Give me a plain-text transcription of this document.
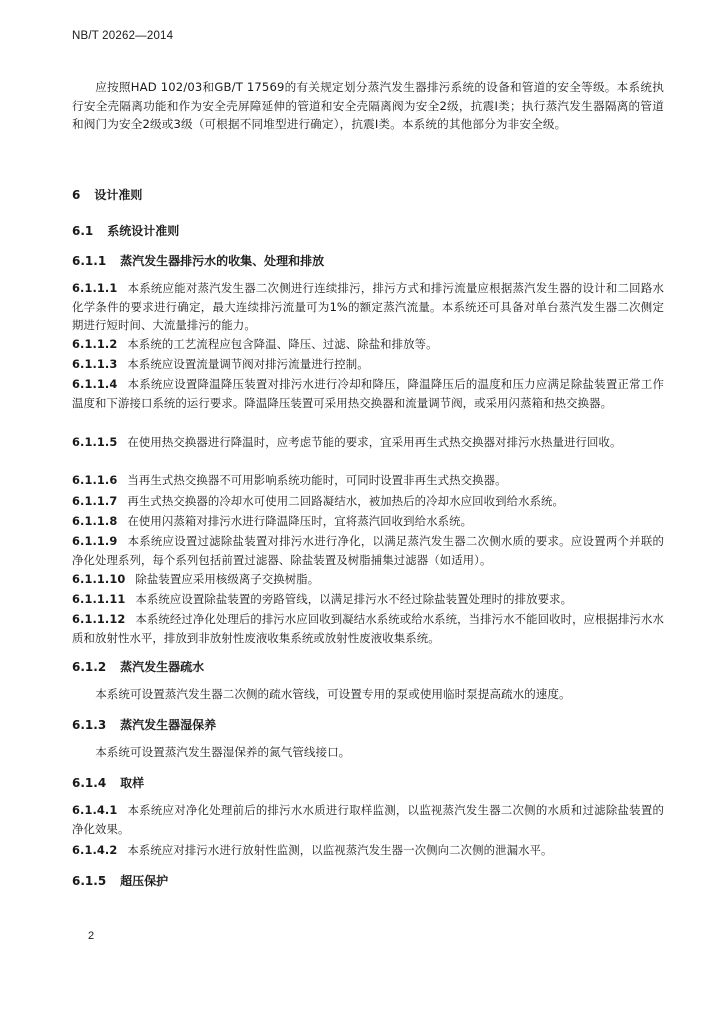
NB/T 20262—2014

应按照HAD 102/03和GB/T 17569的有关规定划分蒸汽发生器排污系统的设备和管道的安全等级。本系统执行安全壳隔离功能和作为安全壳屏障延伸的管道和安全壳隔离阀为安全2级，抗震I类；执行蒸汽发生器隔离的管道和阀门为安全2级或3级（可根据不同堆型进行确定），抗震I类。本系统的其他部分为非安全级。

6 设计准则
6.1 系统设计准则
6.1.1 蒸汽发生器排污水的收集、处理和排放

6.1.1.1 本系统应能对蒸汽发生器二次侧进行连续排污，排污方式和排污流量应根据蒸汽发生器的设计和二回路水化学条件的要求进行确定，最大连续排污流量可为1%的额定蒸汽流量。本系统还可具备对单台蒸汽发生器二次侧定期进行短时间、大流量排污的能力。

6.1.1.2 本系统的工艺流程应包含降温、降压、过滤、除盐和排放等。

6.1.1.3 本系统应设置流量调节阀对排污流量进行控制。

6.1.1.4 本系统应设置降温降压装置对排污水进行冷却和降压，降温降压后的温度和压力应满足除盐装置正常工作温度和下游接口系统的运行要求。降温降压装置可采用热交换器和流量调节阀，或采用闪蒸箱和热交换器。

6.1.1.5 在使用热交换器进行降温时，应考虑节能的要求，宜采用再生式热交换器对排污水热量进行回收。

6.1.1.6 当再生式热交换器不可用影响系统功能时，可同时设置非再生式热交换器。

6.1.1.7 再生式热交换器的冷却水可使用二回路凝结水，被加热后的冷却水应回收到给水系统。

6.1.1.8 在使用闪蒸箱对排污水进行降温降压时，宜将蒸汽回收到给水系统。

6.1.1.9 本系统应设置过滤除盐装置对排污水进行净化，以满足蒸汽发生器二次侧水质的要求。应设置两个并联的净化处理系列，每个系列包括前置过滤器、除盐装置及树脂捕集过滤器（如适用）。

6.1.1.10 除盐装置应采用核级离子交换树脂。

6.1.1.11 本系统应设置除盐装置的旁路管线，以满足排污水不经过除盐装置处理时的排放要求。

6.1.1.12 本系统经过净化处理后的排污水应回收到凝结水系统或给水系统，当排污水不能回收时，应根据排污水水质和放射性水平，排放到非放射性废液收集系统或放射性废液收集系统。

6.1.2 蒸汽发生器疏水

本系统可设置蒸汽发生器二次侧的疏水管线，可设置专用的泵或使用临时泵提高疏水的速度。

6.1.3 蒸汽发生器湿保养

本系统可设置蒸汽发生器湿保养的氮气管线接口。

6.1.4 取样

6.1.4.1 本系统应对净化处理前后的排污水水质进行取样监测，以监视蒸汽发生器二次侧的水质和过滤除盐装置的净化效果。

6.1.4.2 本系统应对排污水进行放射性监测，以监视蒸汽发生器一次侧向二次侧的泄漏水平。

6.1.5 超压保护
2
